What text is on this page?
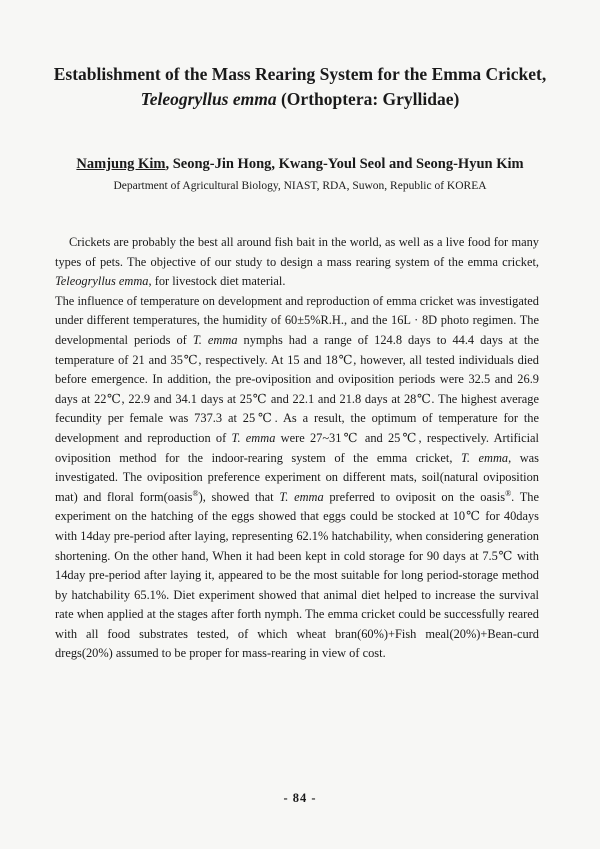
Establishment of the Mass Rearing System for the Emma Cricket, Teleogryllus emma (Orthoptera: Gryllidae)
Namjung Kim, Seong-Jin Hong, Kwang-Youl Seol and Seong-Hyun Kim
Department of Agricultural Biology, NIAST, RDA, Suwon, Republic of KOREA

Crickets are probably the best all around fish bait in the world, as well as a live food for many types of pets. The objective of our study to design a mass rearing system of the emma cricket, Teleogryllus emma, for livestock diet material.

The influence of temperature on development and reproduction of emma cricket was investigated under different temperatures, the humidity of 60±5%R.H., and the 16L · 8D photo regimen. The developmental periods of T. emma nymphs had a range of 124.8 days to 44.4 days at the temperature of 21 and 35℃, respectively. At 15 and 18℃, however, all tested individuals died before emergence. In addition, the pre-oviposition and oviposition periods were 32.5 and 26.9 days at 22℃, 22.9 and 34.1 days at 25℃ and 22.1 and 21.8 days at 28℃. The highest average fecundity per female was 737.3 at 25℃. As a result, the optimum of temperature for the development and reproduction of T. emma were 27~31℃ and 25℃, respectively. Artificial oviposition method for the indoor-rearing system of the emma cricket, T. emma, was investigated. The oviposition preference experiment on different mats, soil(natural oviposition mat) and floral form(oasis®), showed that T. emma preferred to oviposit on the oasis®. The experiment on the hatching of the eggs showed that eggs could be stocked at 10℃ for 40days with 14day pre-period after laying, representing 62.1% hatchability, when considering generation shortening. On the other hand, When it had been kept in cold storage for 90 days at 7.5℃ with 14day pre-period after laying it, appeared to be the most suitable for long period-storage method by hatchability 65.1%. Diet experiment showed that animal diet helped to increase the survival rate when applied at the stages after forth nymph. The emma cricket could be successfully reared with all food substrates tested, of which wheat bran(60%)+Fish meal(20%)+Bean-curd dregs(20%) assumed to be proper for mass-rearing in view of cost.

- 84 -
